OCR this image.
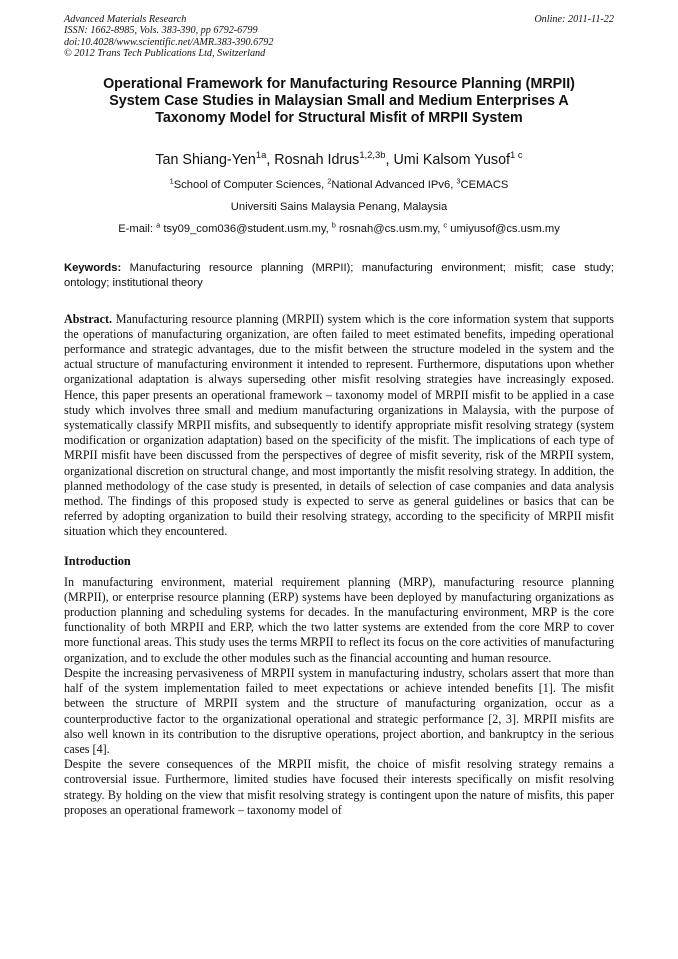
Advanced Materials Research
ISSN: 1662-8985, Vols. 383-390, pp 6792-6799
doi:10.4028/www.scientific.net/AMR.383-390.6792
© 2012 Trans Tech Publications Ltd, Switzerland
Online: 2011-11-22
Operational Framework for Manufacturing Resource Planning (MRPII)
System Case Studies in Malaysian Small and Medium Enterprises A
Taxonomy Model for Structural Misfit of MRPII System
Tan Shiang-Yen$^{1a}$, Rosnah Idrus$^{1,2,3b}$, Umi Kalsom Yusof$^{1 c}$
$^1$School of Computer Sciences, $^2$National Advanced IPv6, $^3$CEMACS
Universiti Sains Malaysia Penang, Malaysia
E-mail: $^a$ tsy09_com036@student.usm.my, $^b$ rosnah@cs.usm.my, $^c$ umiyusof@cs.usm.my
Keywords: Manufacturing resource planning (MRPII); manufacturing environment; misfit; case study; ontology; institutional theory
Abstract. Manufacturing resource planning (MRPII) system which is the core information system that supports the operations of manufacturing organization, are often failed to meet estimated benefits, impeding operational performance and strategic advantages, due to the misfit between the structure modeled in the system and the actual structure of manufacturing environment it intended to represent. Furthermore, disputations upon whether organizational adaptation is always superseding other misfit resolving strategies have increasingly exposed. Hence, this paper presents an operational framework – taxonomy model of MRPII misfit to be applied in a case study which involves three small and medium manufacturing organizations in Malaysia, with the purpose of systematically classify MRPII misfits, and subsequently to identify appropriate misfit resolving strategy (system modification or organization adaptation) based on the specificity of the misfit. The implications of each type of MRPII misfit have been discussed from the perspectives of degree of misfit severity, risk of the MRPII system, organizational discretion on structural change, and most importantly the misfit resolving strategy. In addition, the planned methodology of the case study is presented, in details of selection of case companies and data analysis method. The findings of this proposed study is expected to serve as general guidelines or basics that can be referred by adopting organization to build their resolving strategy, according to the specificity of MRPII misfit situation which they encountered.
Introduction
In manufacturing environment, material requirement planning (MRP), manufacturing resource planning (MRPII), or enterprise resource planning (ERP) systems have been deployed by manufacturing organizations as production planning and scheduling systems for decades. In the manufacturing environment, MRP is the core functionality of both MRPII and ERP, which the two latter systems are extended from the core MRP to cover more functional areas. This study uses the terms MRPII to reflect its focus on the core activities of manufacturing organization, and to exclude the other modules such as the financial accounting and human resource.
Despite the increasing pervasiveness of MRPII system in manufacturing industry, scholars assert that more than half of the system implementation failed to meet expectations or achieve intended benefits [1]. The misfit between the structure of MRPII system and the structure of manufacturing organization, occur as a counterproductive factor to the organizational operational and strategic performance [2, 3]. MRPII misfits are also well known in its contribution to the disruptive operations, project abortion, and bankruptcy in the serious cases [4].
Despite the severe consequences of the MRPII misfit, the choice of misfit resolving strategy remains a controversial issue. Furthermore, limited studies have focused their interests specifically on misfit resolving strategy. By holding on the view that misfit resolving strategy is contingent upon the nature of misfits, this paper proposes an operational framework – taxonomy model of
